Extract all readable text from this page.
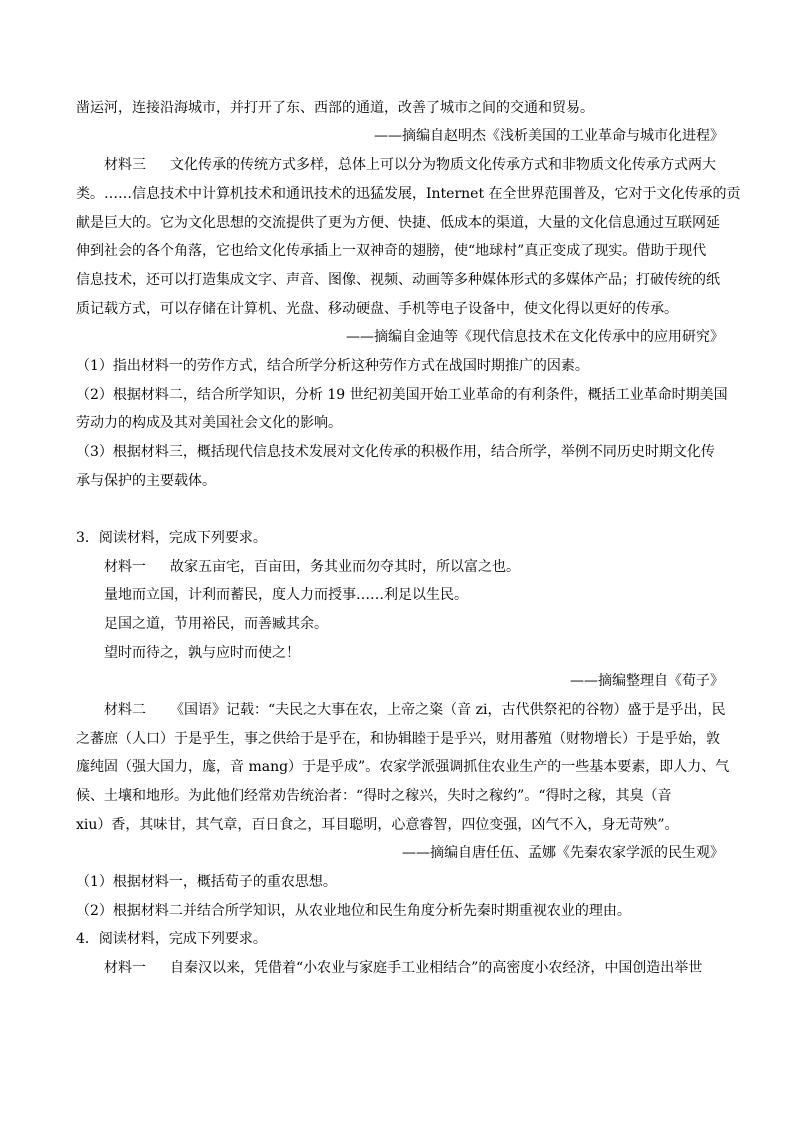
凿运河，连接沿海城市，并打开了东、西部的通道，改善了城市之间的交通和贸易。
——摘编自赵明杰《浅析美国的工业革命与城市化进程》
材料三 文化传承的传统方式多样，总体上可以分为物质文化传承方式和非物质文化传承方式两大
类。……信息技术中计算机技术和通讯技术的迅猛发展，Internet 在全世界范围普及，它对于文化传承的贡
献是巨大的。它为文化思想的交流提供了更为方便、快捷、低成本的渠道，大量的文化信息通过互联网延
伸到社会的各个角落，它也给文化传承插上一双神奇的翅膀，使“地球村”真正变成了现实。借助于现代
信息技术，还可以打造集成文字、声音、图像、视频、动画等多种媒体形式的多媒体产品；打破传统的纸
质记载方式，可以存储在计算机、光盘、移动硬盘、手机等电子设备中，使文化得以更好的传承。
——摘编自金迪等《现代信息技术在文化传承中的应用研究》
（1）指出材料一的劳作方式，结合所学分析这种劳作方式在战国时期推广的因素。
（2）根据材料二，结合所学知识，分析 19 世纪初美国开始工业革命的有利条件，概括工业革命时期美国
劳动力的构成及其对美国社会文化的影响。
（3）根据材料三，概括现代信息技术发展对文化传承的积极作用，结合所学，举例不同历史时期文化传
承与保护的主要载体。
3．阅读材料，完成下列要求。
材料一 故家五亩宅，百亩田，务其业而勿夺其时，所以富之也。
量地而立国，计利而蓄民，度人力而授事……利足以生民。
足国之道，节用裕民，而善臧其余。
望时而待之，孰与应时而使之！
——摘编整理自《荀子》
材料二 《国语》记载：“夫民之大事在农，上帝之粢（音 zi，古代供祭祀的谷物）盛于是乎出，民
之蕃庶（人口）于是乎生，事之供给于是乎在，和协辑睦于是乎兴，财用蕃殖（财物增长）于是乎始，敦
庬纯固（强大国力，庬，音 mang）于是乎成”。农家学派强调抓住农业生产的一些基本要素，即人力、气
候、土壤和地形。为此他们经常劝告统治者：“得时之稼兴，失时之稼约”。“得时之稼，其臭（音
xiu）香，其味甘，其气章，百日食之，耳目聪明，心意睿智，四位变强，凶气不入，身无苛殃”。
——摘编自唐任伍、孟娜《先秦农家学派的民生观》
（1）根据材料一，概括荀子的重农思想。
（2）根据材料二并结合所学知识，从农业地位和民生角度分析先秦时期重视农业的理由。
4．阅读材料，完成下列要求。
材料一 自秦汉以来，凭借着“小农业与家庭手工业相结合”的高密度小农经济，中国创造出举世
